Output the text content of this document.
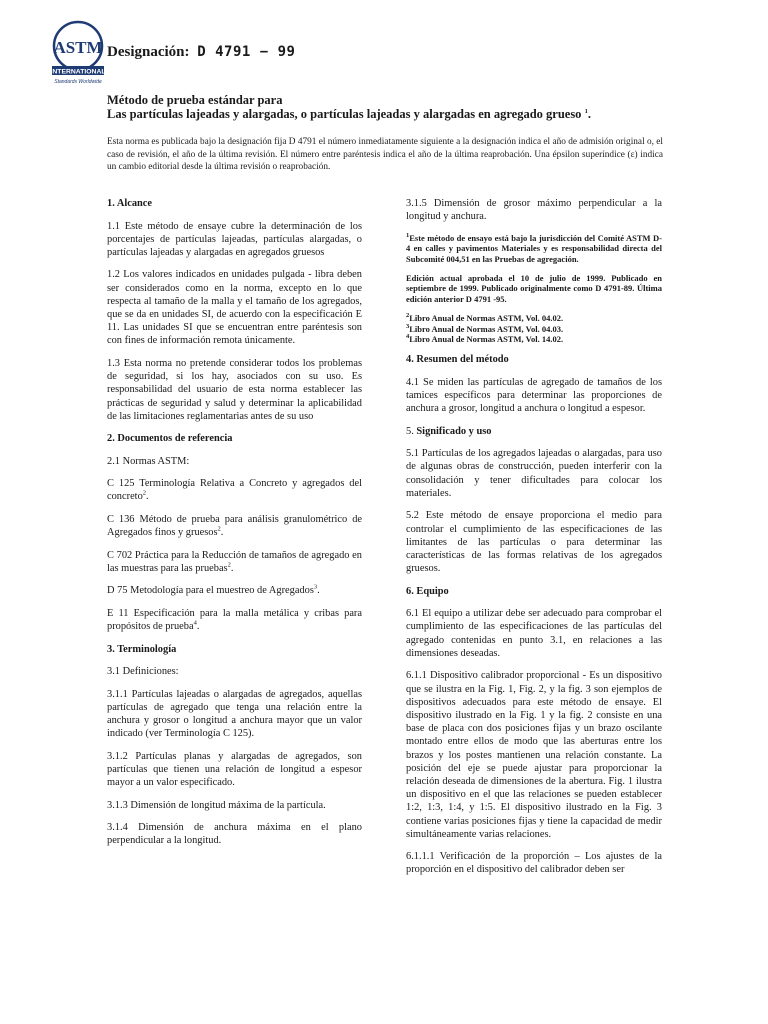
ASTM
INTERNATIONAL
Standards Worldwide
Designación: D 4791 − 99
Método de prueba estándar para
Las partículas lajeadas y alargadas, o partículas lajeadas y alargadas en agregado grueso $^1$.
Esta norma es publicada bajo la designación fija D 4791 el número inmediatamente siguiente a la designación indica el año de admisión original o, el caso de revisión, el año de la última revisión. El número entre paréntesis indica el año de la última reaprobación. Una épsilon superíndice (ε) indica un cambio editorial desde la última revisión o reaprobación.
1. Alcance

1.1 Este método de ensaye cubre la determinación de los porcentajes de partículas lajeadas, partículas alargadas, o partículas lajeadas y alargadas en agregados gruesos

1.2 Los valores indicados en unidades pulgada - libra deben ser considerados como en la norma, excepto en lo que respecta al tamaño de la malla y el tamaño de los agregados, que se da en unidades SI, de acuerdo con la especificación E 11. Las unidades SI que se encuentran entre paréntesis son con fines de información remota únicamente.

1.3 Esta norma no pretende considerar todos los problemas de seguridad, si los hay, asociados con su uso. Es responsabilidad del usuario de esta norma establecer las prácticas de seguridad y salud y determinar la aplicabilidad de las limitaciones reglamentarias antes de su uso

2. Documentos de referencia

2.1 Normas ASTM:

C 125 Terminología Relativa a Concreto y agregados del concreto$^2$.

C 136 Método de prueba para análisis granulométrico de Agregados finos y gruesos$^2$.

C 702 Práctica para la Reducción de tamaños de agregado en las muestras para las pruebas$^2$.

D 75 Metodología para el muestreo de Agregados$^3$.

E 11 Especificación para la malla metálica y cribas para propósitos de prueba$^4$.

3. Terminología

3.1 Definiciones:

3.1.1 Partículas lajeadas o alargadas de agregados, aquellas partículas de agregado que tenga una relación entre la anchura y grosor o longitud a anchura mayor que un valor indicado (ver Terminología C 125).

3.1.2 Partículas planas y alargadas de agregados, son partículas que tienen una relación de longitud a espesor mayor a un valor especificado.

3.1.3 Dimensión de longitud máxima de la partícula.

3.1.4 Dimensión de anchura máxima en el plano perpendicular a la longitud.

3.1.5 Dimensión de grosor máximo perpendicular a la longitud y anchura.

$^1$Este método de ensayo está bajo la jurisdicción del Comité ASTM D-4 en calles y pavimentos Materiales y es responsabilidad directa del Subcomité 004,51 en las Pruebas de agregación.
Edición actual aprobada el 10 de julio de 1999. Publicado en septiembre de 1999. Publicado originalmente como D 4791-89. Última edición anterior D 4791 -95.
$^2$Libro Anual de Normas ASTM, Vol. 04.02.
$^3$Libro Anual de Normas ASTM, Vol. 04.03.
$^4$Libro Anual de Normas ASTM, Vol. 14.02.
4. Resumen del método

4.1 Se miden las partículas de agregado de tamaños de los tamices específicos para determinar las proporciones de anchura a grosor, longitud a anchura o longitud a espesor.

5. Significado y uso

5.1 Partículas de los agregados lajeadas o alargadas, para uso de algunas obras de construcción, pueden interferir con la consolidación y tener dificultades para colocar los materiales.

5.2 Este método de ensaye proporciona el medio para controlar el cumplimiento de las especificaciones de las limitantes de las partículas o para determinar las características de las formas relativas de los agregados gruesos.

6. Equipo

6.1 El equipo a utilizar debe ser adecuado para comprobar el cumplimiento de las especificaciones de las partículas del agregado contenidas en punto 3.1, en relaciones a las dimensiones deseadas.

6.1.1 Dispositivo calibrador proporcional - Es un dispositivo que se ilustra en la Fig. 1, Fig. 2, y la fig. 3 son ejemplos de dispositivos adecuados para este método de ensaye. El dispositivo ilustrado en la Fig. 1 y la fig. 2 consiste en una base de placa con dos posiciones fijas y un brazo oscilante montado entre ellos de modo que las aberturas entre los brazos y los postes mantienen una relación constante. La posición del eje se puede ajustar para proporcionar la relación deseada de dimensiones de la abertura. Fig. 1 ilustra un dispositivo en el que las relaciones se pueden establecer 1:2, 1:3, 1:4, y 1:5. El dispositivo ilustrado en la Fig. 3 contiene varias posiciones fijas y tiene la capacidad de medir simultáneamente varias relaciones.

6.1.1.1 Verificación de la proporción – Los ajustes de la proporción en el dispositivo del calibrador deben ser
